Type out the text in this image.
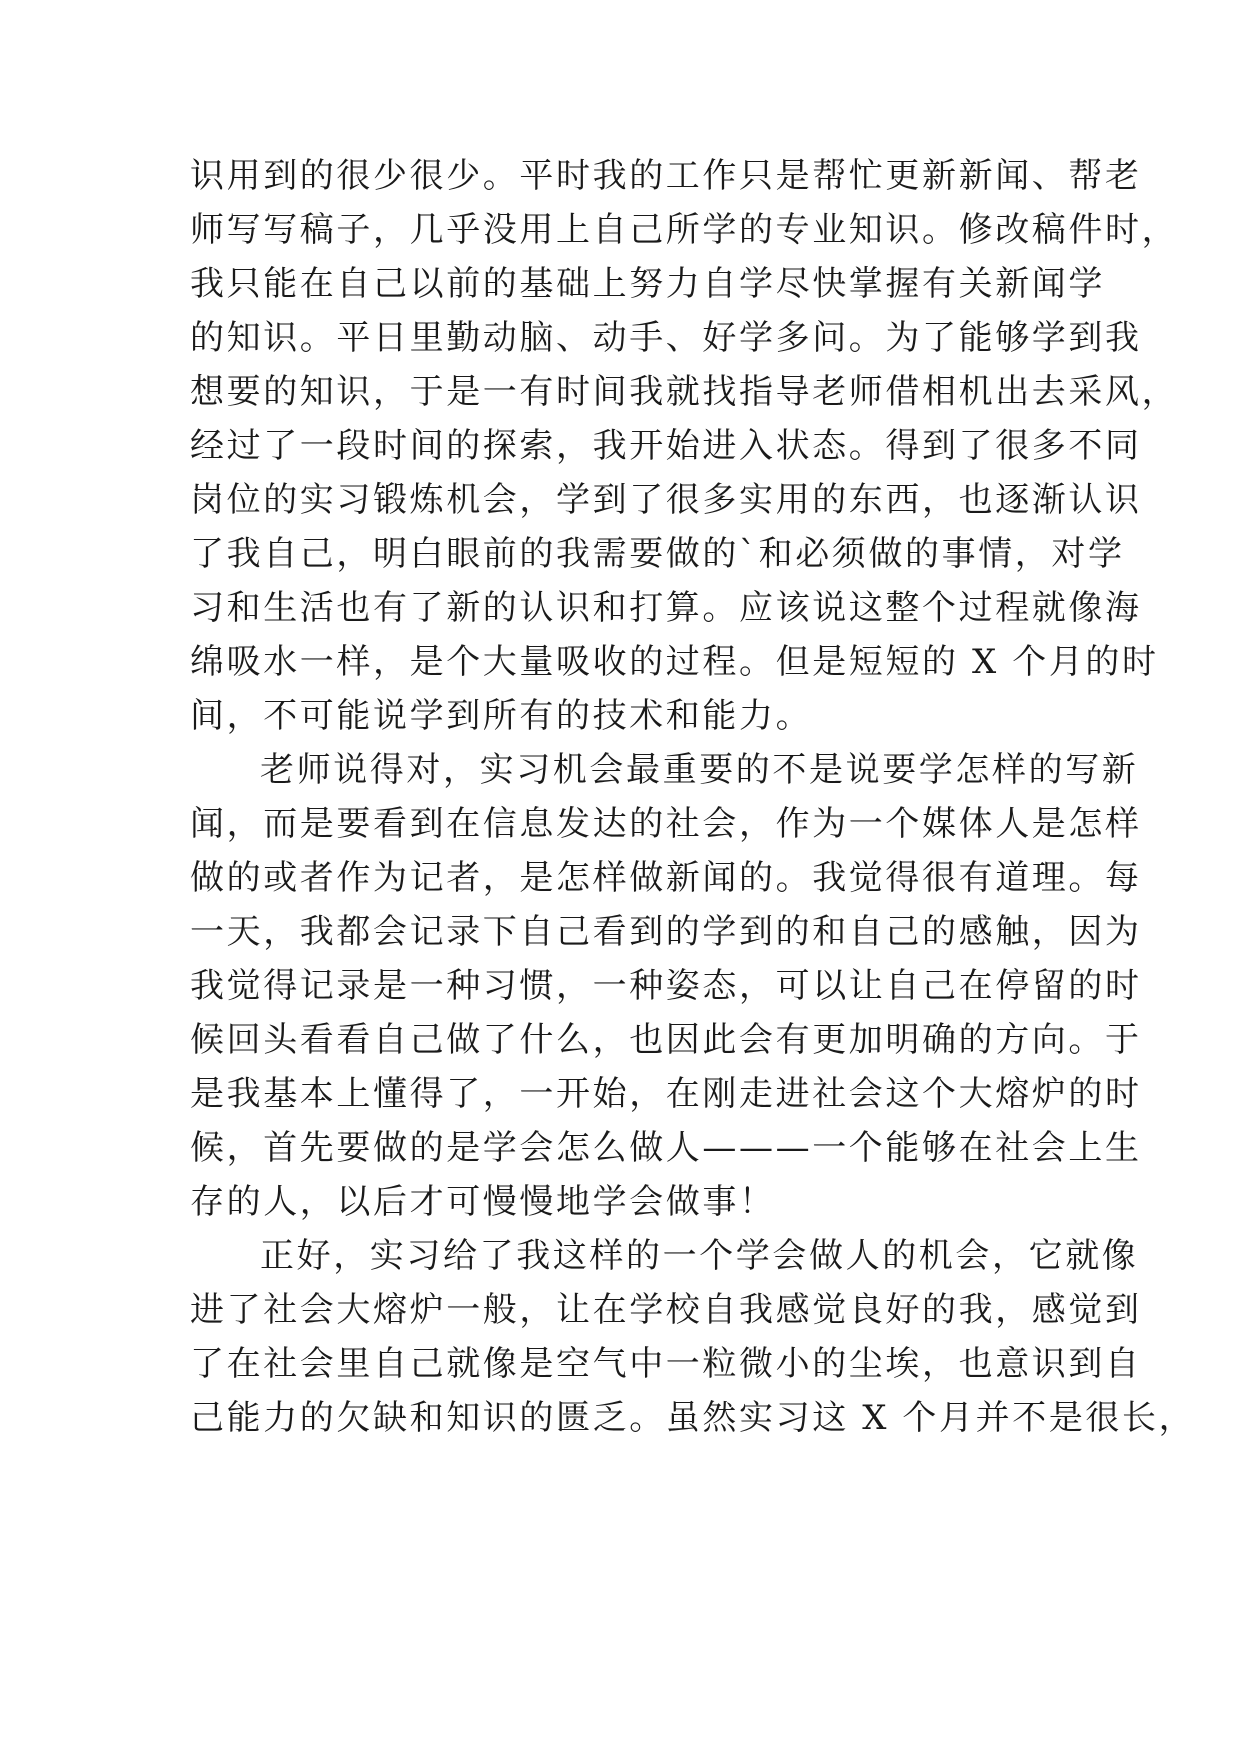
识用到的很少很少。平时我的工作只是帮忙更新新闻、帮老
师写写稿子，几乎没用上自己所学的专业知识。修改稿件时，
我只能在自己以前的基础上努力自学尽快掌握有关新闻学
的知识。平日里勤动脑、动手、好学多问。为了能够学到我
想要的知识，于是一有时间我就找指导老师借相机出去采风，
经过了一段时间的探索，我开始进入状态。得到了很多不同
岗位的实习锻炼机会，学到了很多实用的东西，也逐渐认识
了我自己，明白眼前的我需要做的`和必须做的事情，对学
习和生活也有了新的认识和打算。应该说这整个过程就像海
绵吸水一样，是个大量吸收的过程。但是短短的 X 个月的时
间，不可能说学到所有的技术和能力。
老师说得对，实习机会最重要的不是说要学怎样的写新
闻，而是要看到在信息发达的社会，作为一个媒体人是怎样
做的或者作为记者，是怎样做新闻的。我觉得很有道理。每
一天，我都会记录下自己看到的学到的和自己的感触，因为
我觉得记录是一种习惯，一种姿态，可以让自己在停留的时
候回头看看自己做了什么，也因此会有更加明确的方向。于
是我基本上懂得了，一开始，在刚走进社会这个大熔炉的时
候，首先要做的是学会怎么做人———一个能够在社会上生
存的人，以后才可慢慢地学会做事！
正好，实习给了我这样的一个学会做人的机会，它就像
进了社会大熔炉一般，让在学校自我感觉良好的我，感觉到
了在社会里自己就像是空气中一粒微小的尘埃，也意识到自
己能力的欠缺和知识的匮乏。虽然实习这 X 个月并不是很长，
